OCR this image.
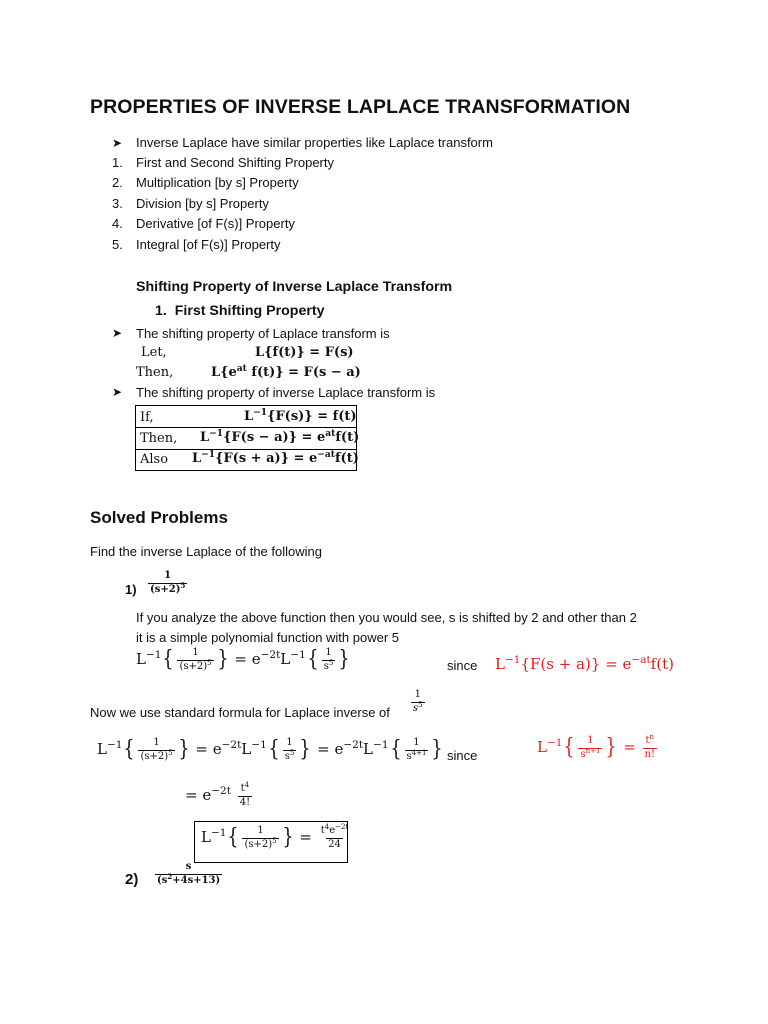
PROPERTIES OF INVERSE LAPLACE TRANSFORMATION
➤ Inverse Laplace have similar properties like Laplace transform
1. First and Second Shifting Property
2. Multiplication [by s] Property
3. Division [by s] Property
4. Derivative [of F(s)] Property
5. Integral [of F(s)] Property
Shifting Property of Inverse Laplace Transform
1. First Shifting Property
➤ The shifting property of Laplace transform is
Let,	L{f(t)} = F(s)
Then,	$L\{e^{at}$ f(t)} = F(s − a)
➤ The shifting property of inverse Laplace transform is
If,	$L^{-1}\{F(s)\} = f(t)$
Then, $L^{-1}\{F(s - a)\} = e^{at}f(t)$
Also $L^{-1}\{F(s + a)\} = e^{-at}f(t)$
Solved Problems
Find the inverse Laplace of the following
$1) \frac{1}{(s+2)^5}$
If you analyze the above function then you would see, s is shifted by 2 and other than 2
it is a simple polynomial function with power 5
$L^{-1}\{ \frac{1}{(s+2)^5}$ } = $e^{-2t}L^{-1}\{ \frac{1}{s^5}$ }	since $L^{-1}\{F(s + a)\} = e^{-at}f(t)$
Now we use standard formula for Laplace inverse of $\frac{1}{s^5}$
$L^{-1}\{ \frac{1}{(s+2)^5}$ } = $e^{-2t}L^{-1}\{ \frac{1}{s^5}$ } = $e^{-2t}L^{-1}\{ \frac{1}{s^{4+1}}$ } since	$L^{-1}\{ \frac{1}{s^{n+1}}$ } = $\frac{t^n}{n!}$
= $e^{-2t} \frac{t^4}{4!}$
$L^{-1}\{ \frac{1}{(s+2)^5}$ } = $\frac{t^4e^{-2t}}{24}$
$2) \frac{s}{(s^2+4s+13)}$
